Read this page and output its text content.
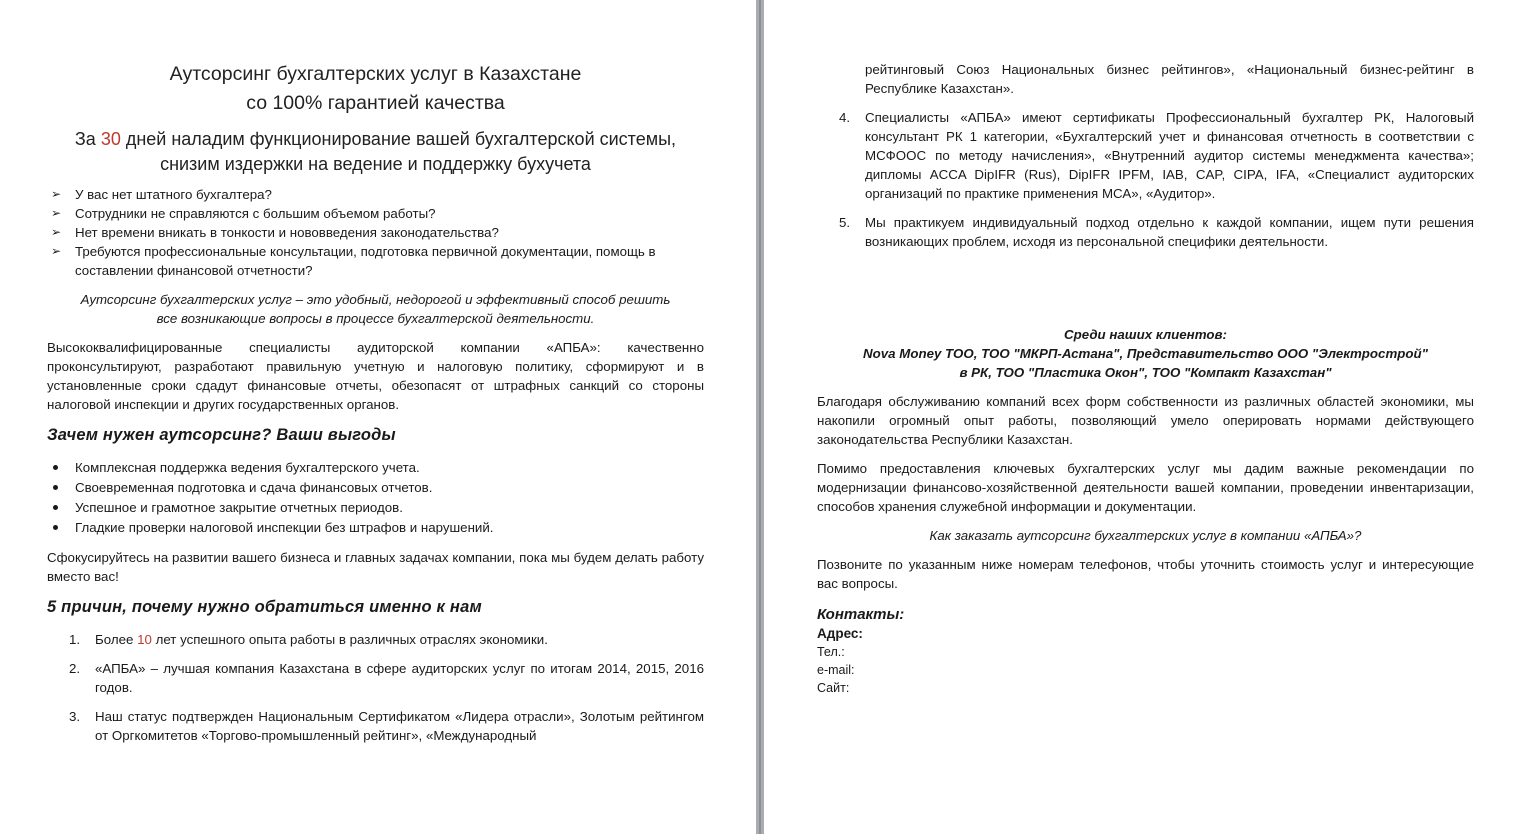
Аутсорсинг бухгалтерских услуг в Казахстане
со 100% гарантией качества
За 30 дней наладим функционирование вашей бухгалтерской системы,
снизим издержки на ведение и поддержку бухучета
➢ У вас нет штатного бухгалтера?
➢ Сотрудники не справляются с большим объемом работы?
➢ Нет времени вникать в тонкости и нововведения законодательства?
➢ Требуются профессиональные консультации, подготовка первичной документации, помощь в составлении финансовой отчетности?
Аутсорсинг бухгалтерских услуг – это удобный, недорогой и эффективный способ решить
все возникающие вопросы в процессе бухгалтерской деятельности.

Высококвалифицированные специалисты аудиторской компании «АПБА»: качественно проконсультируют, разработают правильную учетную и налоговую политику, сформируют и в установленные сроки сдадут финансовые отчеты, обезопасят от штрафных санкций со стороны налоговой инспекции и других государственных органов.

Зачем нужен аутсорсинг? Ваши выгоды
Комплексная поддержка ведения бухгалтерского учета.
Своевременная подготовка и сдача финансовых отчетов.
Успешное и грамотное закрытие отчетных периодов.
Гладкие проверки налоговой инспекции без штрафов и нарушений.

Сфокусируйтесь на развитии вашего бизнеса и главных задачах компании, пока мы будем делать работу вместо вас!

5 причин, почему нужно обратиться именно к нам
1. Более 10 лет успешного опыта работы в различных отраслях экономики.
2. «АПБА» – лучшая компания Казахстана в сфере аудиторских услуг по итогам 2014, 2015, 2016 годов.
3. Наш статус подтвержден Национальным Сертификатом «Лидера отрасли», Золотым рейтингом от Оргкомитетов «Торгово-промышленный рейтинг», «Международный
рейтинговый Союз Национальных бизнес рейтингов», «Национальный бизнес-рейтинг в Республике Казахстан».
4. Специалисты «АПБА» имеют сертификаты Профессиональный бухгалтер РК, Налоговый консультант РК 1 категории, «Бухгалтерский учет и финансовая отчетность в соответствии с МСФООС по методу начисления», «Внутренний аудитор системы менеджмента качества»; дипломы ACCA DipIFR (Rus), DipIFR IPFM, IAB, CAP, CIPA, IFA, «Специалист аудиторских организаций по практике применения МСА», «Аудитор».
5. Мы практикуем индивидуальный подход отдельно к каждой компании, ищем пути решения возникающих проблем, исходя из персональной специфики деятельности.
Среди наших клиентов:
Nova Money ТОО, ТОО "МКРП-Астана", Представительство ООО "Электрострой"
в РК, ТОО "Пластика Окон", ТОО "Компакт Казахстан"

Благодаря обслуживанию компаний всех форм собственности из различных областей экономики, мы накопили огромный опыт работы, позволяющий умело оперировать нормами действующего законодательства Республики Казахстан.

Помимо предоставления ключевых бухгалтерских услуг мы дадим важные рекомендации по модернизации финансово-хозяйственной деятельности вашей компании, проведении инвентаризации, способов хранения служебной информации и документации.

Как заказать аутсорсинг бухгалтерских услуг в компании «АПБА»?

Позвоните по указанным ниже номерам телефонов, чтобы уточнить стоимость услуг и интересующие вас вопросы.

Контакты:
Адрес:
Тел.:
e-mail:
Сайт:
